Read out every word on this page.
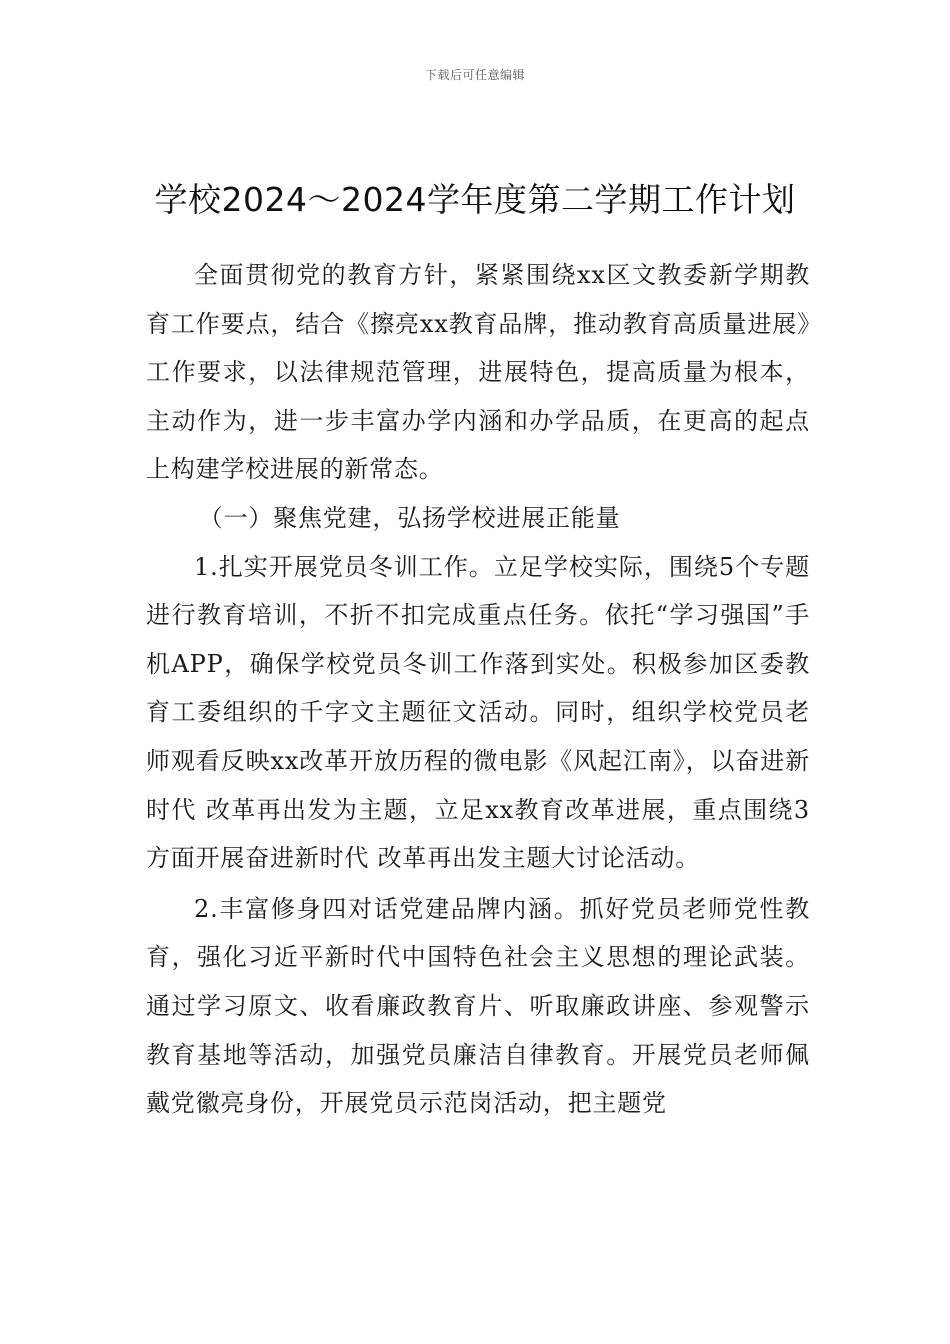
下载后可任意编辑
学校2024～2024学年度第二学期工作计划

全面贯彻党的教育方针，紧紧围绕xx区文教委新学期教育工作要点，结合《擦亮xx教育品牌，推动教育高质量进展》工作要求，以法律规范管理，进展特色，提高质量为根本，主动作为，进一步丰富办学内涵和办学品质，在更高的起点上构建学校进展的新常态。

（一）聚焦党建，弘扬学校进展正能量

1.扎实开展党员冬训工作。立足学校实际，围绕5个专题进行教育培训，不折不扣完成重点任务。依托“学习强国”手机APP，确保学校党员冬训工作落到实处。积极参加区委教育工委组织的千字文主题征文活动。同时，组织学校党员老师观看反映xx改革开放历程的微电影《风起江南》，以奋进新时代 改革再出发为主题，立足xx教育改革进展，重点围绕3方面开展奋进新时代 改革再出发主题大讨论活动。

2.丰富修身四对话党建品牌内涵。抓好党员老师党性教育，强化习近平新时代中国特色社会主义思想的理论武装。通过学习原文、收看廉政教育片、听取廉政讲座、参观警示教育基地等活动，加强党员廉洁自律教育。开展党员老师佩戴党徽亮身份，开展党员示范岗活动，把主题党
